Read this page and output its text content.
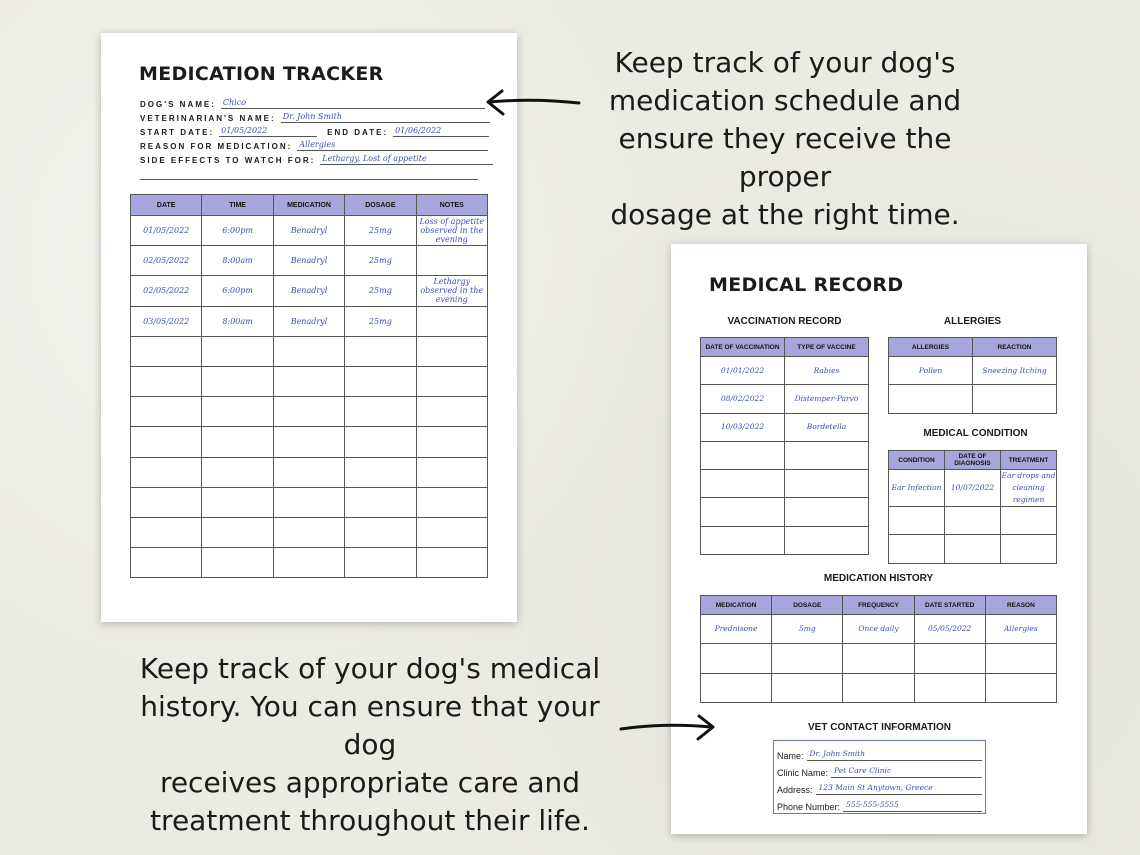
MEDICATION TRACKER
DOG'S NAME: Chico
VETERINARIAN'S NAME: Dr. John Smith
START DATE: 01/05/2022	END DATE: 01/06/2022
REASON FOR MEDICATION: Allergies
SIDE EFFECTS TO WATCH FOR: Lethargy, Lost of appetite
DATE	TIME	MEDICATION	DOSAGE	NOTES
01/05/2022	6:00pm	Benadryl	25mg	Loss of appetite observed in the evening
02/05/2022	8:00am	Benadryl	25mg	
02/05/2022	6:00pm	Benadryl	25mg	Lethargy observed in the evening
03/05/2022	8:00am	Benadryl	25mg	

MEDICAL RECORD
VACCINATION RECORD
DATE OF VACCINATION	TYPE OF VACCINE
01/01/2022	Rabies
08/02/2022	Distemper-Parvo
10/03/2022	Bordetella

ALLERGIES
ALLERGIES	REACTION
Pollen	Sneezing Itching

MEDICAL CONDITION
CONDITION	DATE OF DIAGNOSIS	TREATMENT
Ear Infection	10/07/2022	Ear drops and cleaning regimen

MEDICATION HISTORY
MEDICATION	DOSAGE	FREQUENCY	DATE STARTED	REASON
Prednisone	5mg	Once daily	05/05/2022	Allergies

VET CONTACT INFORMATION
Name: Dr. John Smith
Clinic Name: Pet Care Clinic
Address: 123 Main St Anytown, Greece
Phone Number: 555-555-5555
Keep track of your dog's
medication schedule and
ensure they receive the proper
dosage at the right time.
Keep track of your dog's medical
history. You can ensure that your dog
receives appropriate care and
treatment throughout their life.
